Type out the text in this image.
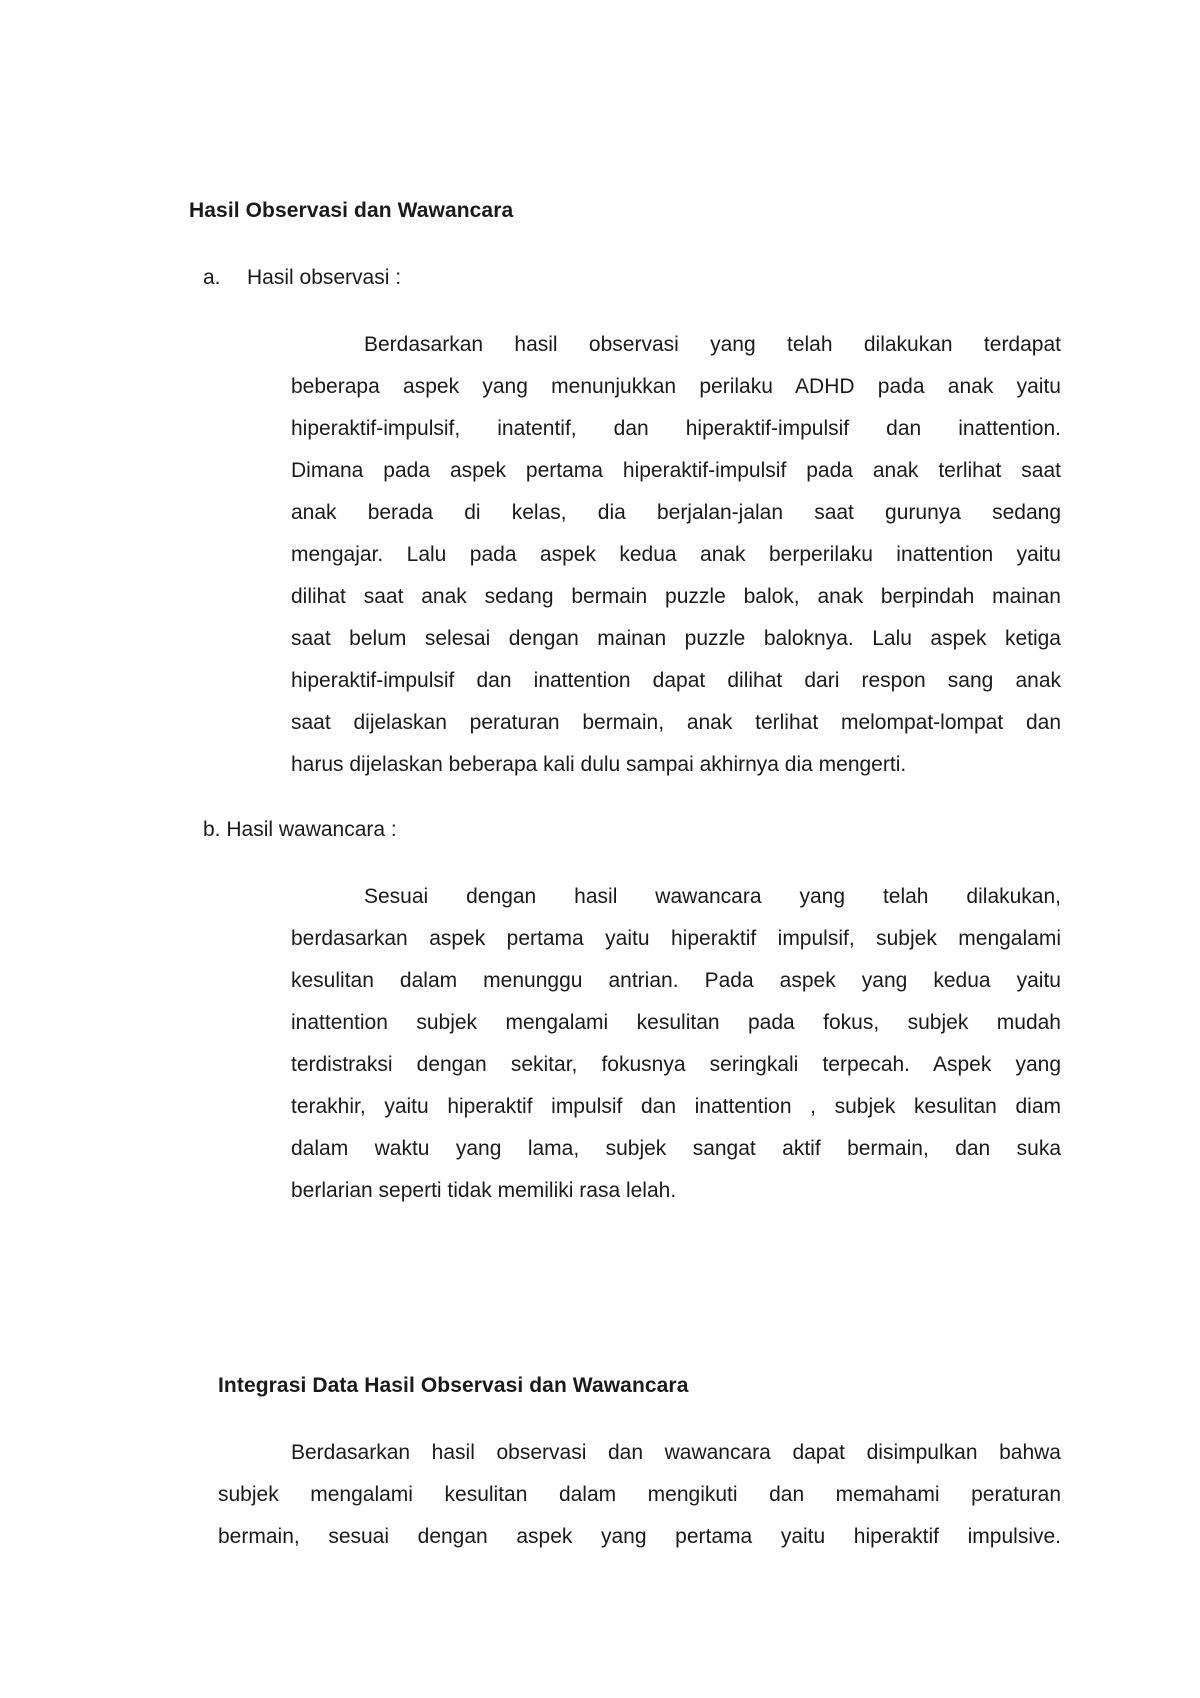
Hasil Observasi dan Wawancara
a. Hasil observasi :
Berdasarkan hasil observasi yang telah dilakukan terdapat
beberapa aspek yang menunjukkan perilaku ADHD pada anak yaitu
hiperaktif-impulsif, inatentif, dan hiperaktif-impulsif dan inattention.
Dimana pada aspek pertama hiperaktif-impulsif pada anak terlihat saat
anak berada di kelas, dia berjalan-jalan saat gurunya sedang
mengajar. Lalu pada aspek kedua anak berperilaku inattention yaitu
dilihat saat anak sedang bermain puzzle balok, anak berpindah mainan
saat belum selesai dengan mainan puzzle baloknya. Lalu aspek ketiga
hiperaktif-impulsif dan inattention dapat dilihat dari respon sang anak
saat dijelaskan peraturan bermain, anak terlihat melompat-lompat dan
harus dijelaskan beberapa kali dulu sampai akhirnya dia mengerti.
b. Hasil wawancara :
Sesuai dengan hasil wawancara yang telah dilakukan,
berdasarkan aspek pertama yaitu hiperaktif impulsif, subjek mengalami
kesulitan dalam menunggu antrian. Pada aspek yang kedua yaitu
inattention subjek mengalami kesulitan pada fokus, subjek mudah
terdistraksi dengan sekitar, fokusnya seringkali terpecah. Aspek yang
terakhir, yaitu hiperaktif impulsif dan inattention , subjek kesulitan diam
dalam waktu yang lama, subjek sangat aktif bermain, dan suka
berlarian seperti tidak memiliki rasa lelah.
Integrasi Data Hasil Observasi dan Wawancara
Berdasarkan hasil observasi dan wawancara dapat disimpulkan bahwa
subjek mengalami kesulitan dalam mengikuti dan memahami peraturan
bermain, sesuai dengan aspek yang pertama yaitu hiperaktif impulsive.
